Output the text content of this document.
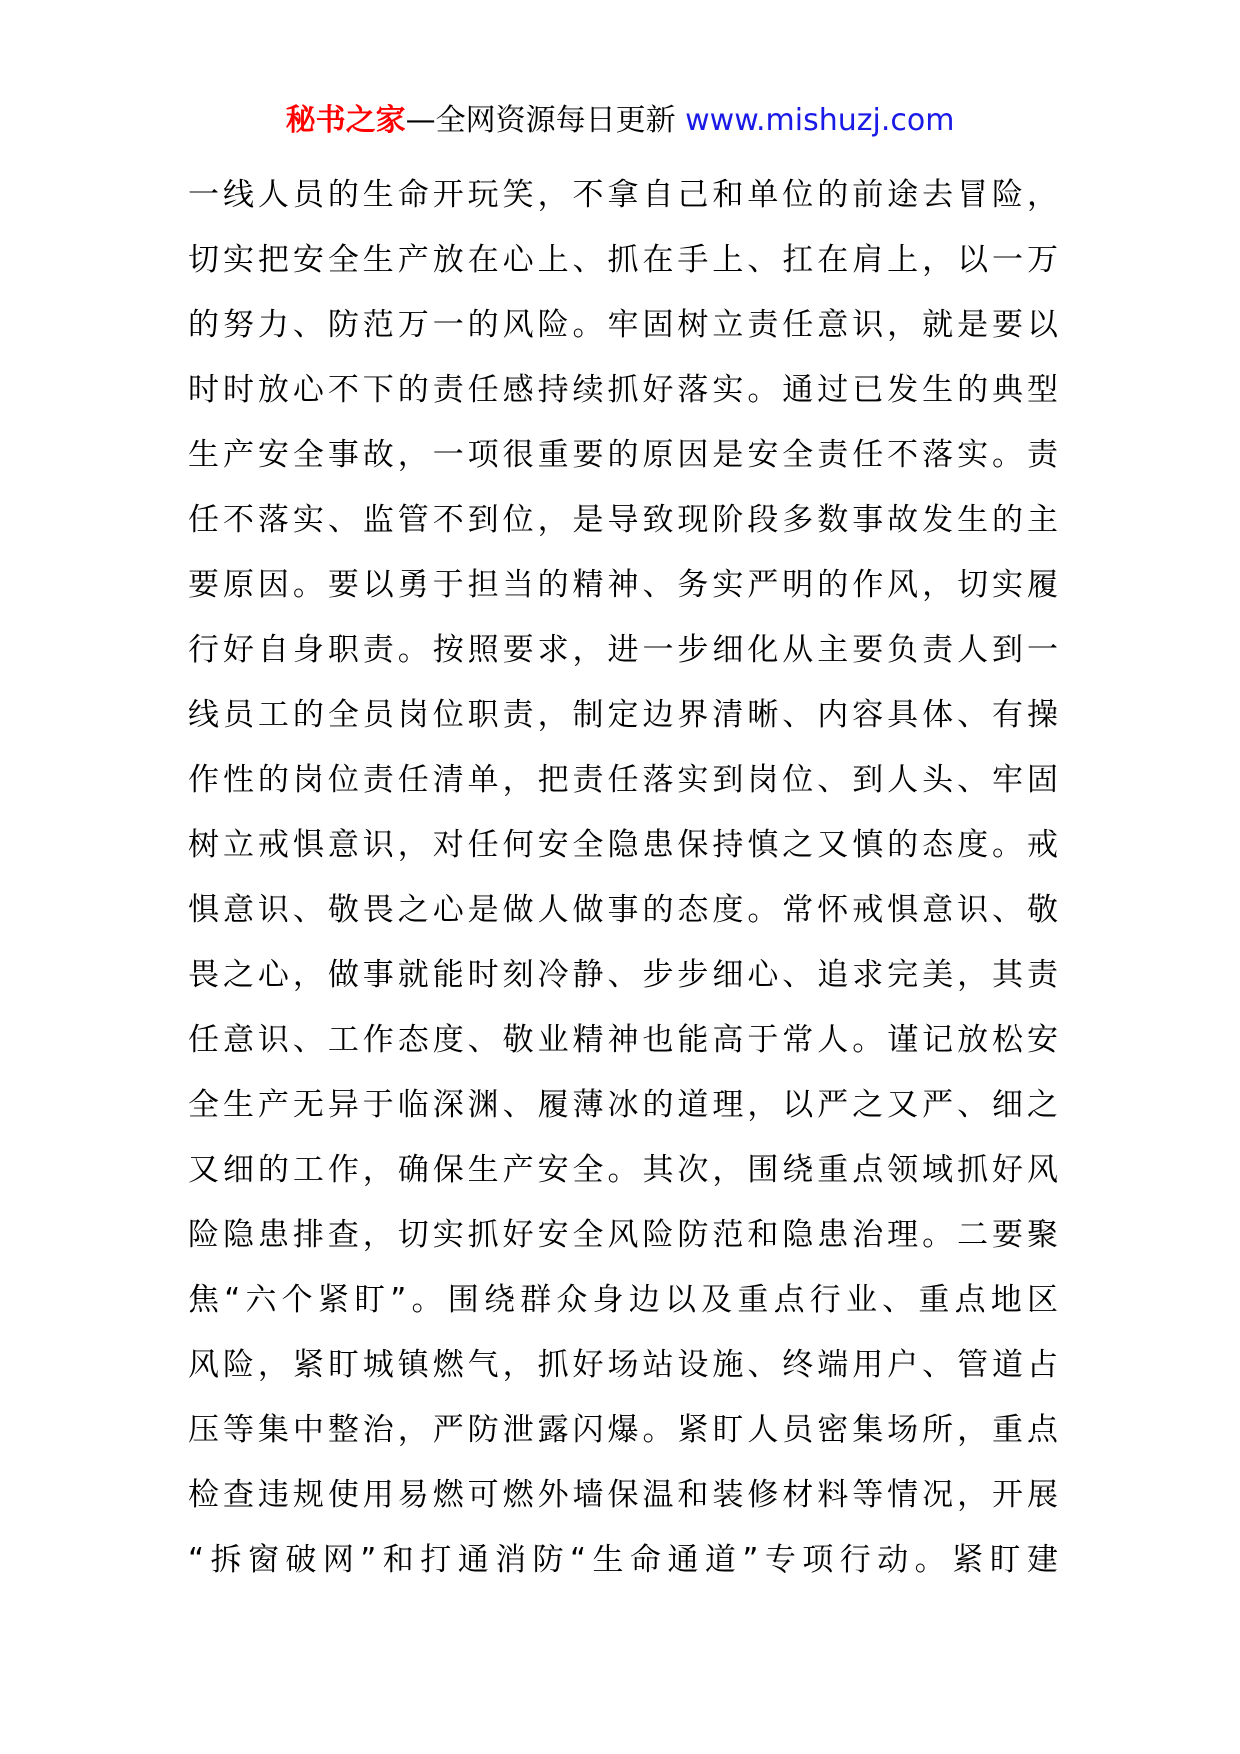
秘书之家—全网资源每日更新 www.mishuzj.com
一线人员的生命开玩笑，不拿自己和单位的前途去冒险，
切实把安全生产放在心上、抓在手上、扛在肩上，以一万
的努力、防范万一的风险。牢固树立责任意识，就是要以
时时放心不下的责任感持续抓好落实。通过已发生的典型
生产安全事故，一项很重要的原因是安全责任不落实。责
任不落实、监管不到位，是导致现阶段多数事故发生的主
要原因。要以勇于担当的精神、务实严明的作风，切实履
行好自身职责。按照要求，进一步细化从主要负责人到一
线员工的全员岗位职责，制定边界清晰、内容具体、有操
作性的岗位责任清单，把责任落实到岗位、到人头、牢固
树立戒惧意识，对任何安全隐患保持慎之又慎的态度。戒
惧意识、敬畏之心是做人做事的态度。常怀戒惧意识、敬
畏之心，做事就能时刻冷静、步步细心、追求完美，其责
任意识、工作态度、敬业精神也能高于常人。谨记放松安
全生产无异于临深渊、履薄冰的道理，以严之又严、细之
又细的工作，确保生产安全。其次，围绕重点领域抓好风
险隐患排查，切实抓好安全风险防范和隐患治理。二要聚
焦“六个紧盯”。围绕群众身边以及重点行业、重点地区
风险，紧盯城镇燃气，抓好场站设施、终端用户、管道占
压等集中整治，严防泄露闪爆。紧盯人员密集场所，重点
检查违规使用易燃可燃外墙保温和装修材料等情况，开展
“拆窗破网”和打通消防“生命通道”专项行动。紧盯建
